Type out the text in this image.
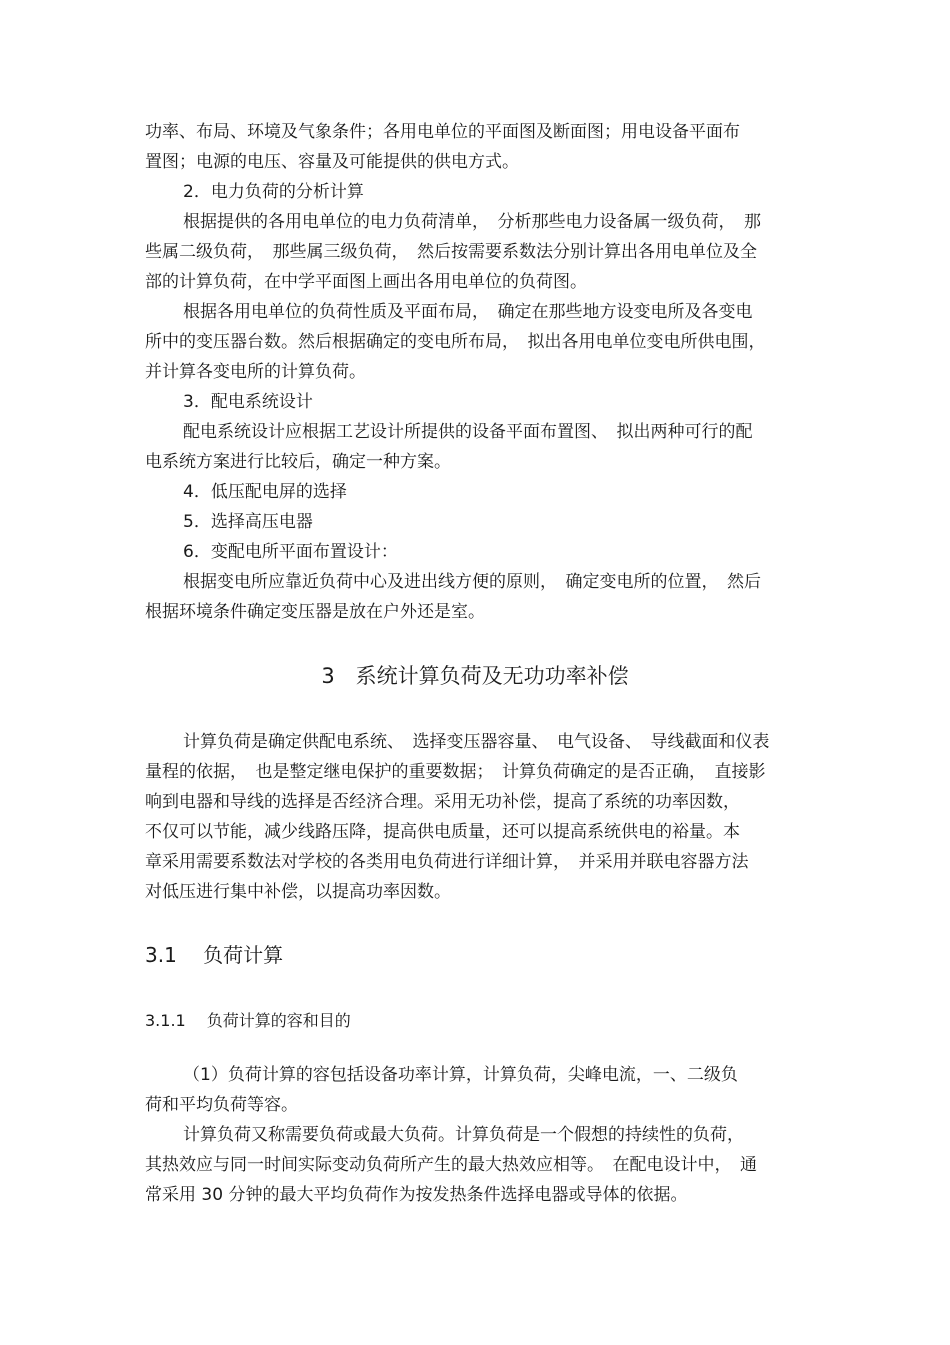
功率、布局、环境及气象条件；各用电单位的平面图及断面图；用电设备平面布
置图；电源的电压、容量及可能提供的供电方式。
2．电力负荷的分析计算
根据提供的各用电单位的电力负荷清单，　分析那些电力设备属一级负荷，　那
些属二级负荷，　那些属三级负荷，　然后按需要系数法分别计算出各用电单位及全
部的计算负荷，在中学平面图上画出各用电单位的负荷图。
根据各用电单位的负荷性质及平面布局，　确定在那些地方设变电所及各变电
所中的变压器台数。然后根据确定的变电所布局，　拟出各用电单位变电所供电围，
并计算各变电所的计算负荷。
3．配电系统设计
配电系统设计应根据工艺设计所提供的设备平面布置图、　拟出两种可行的配
电系统方案进行比较后，确定一种方案。
4．低压配电屏的选择
5．选择高压电器
6．变配电所平面布置设计：
根据变电所应靠近负荷中心及进出线方便的原则，　确定变电所的位置，　然后
根据环境条件确定变压器是放在户外还是室。
3　系统计算负荷及无功功率补偿
计算负荷是确定供配电系统、　选择变压器容量、　电气设备、　导线截面和仪表
量程的依据，　也是整定继电保护的重要数据；　计算负荷确定的是否正确，　直接影
响到电器和导线的选择是否经济合理。采用无功补偿，提高了系统的功率因数，
不仅可以节能，减少线路压降，提高供电质量，还可以提高系统供电的裕量。本
章采用需要系数法对学校的各类用电负荷进行详细计算，　并采用并联电容器方法
对低压进行集中补偿，以提高功率因数。
3.1　 负荷计算
3.1.1　 负荷计算的容和目的
（1）负荷计算的容包括设备功率计算，计算负荷，尖峰电流，一、二级负
荷和平均负荷等容。
计算负荷又称需要负荷或最大负荷。计算负荷是一个假想的持续性的负荷，
其热效应与同一时间实际变动负荷所产生的最大热效应相等。　在配电设计中，　通
常采用 30 分钟的最大平均负荷作为按发热条件选择电器或导体的依据。
